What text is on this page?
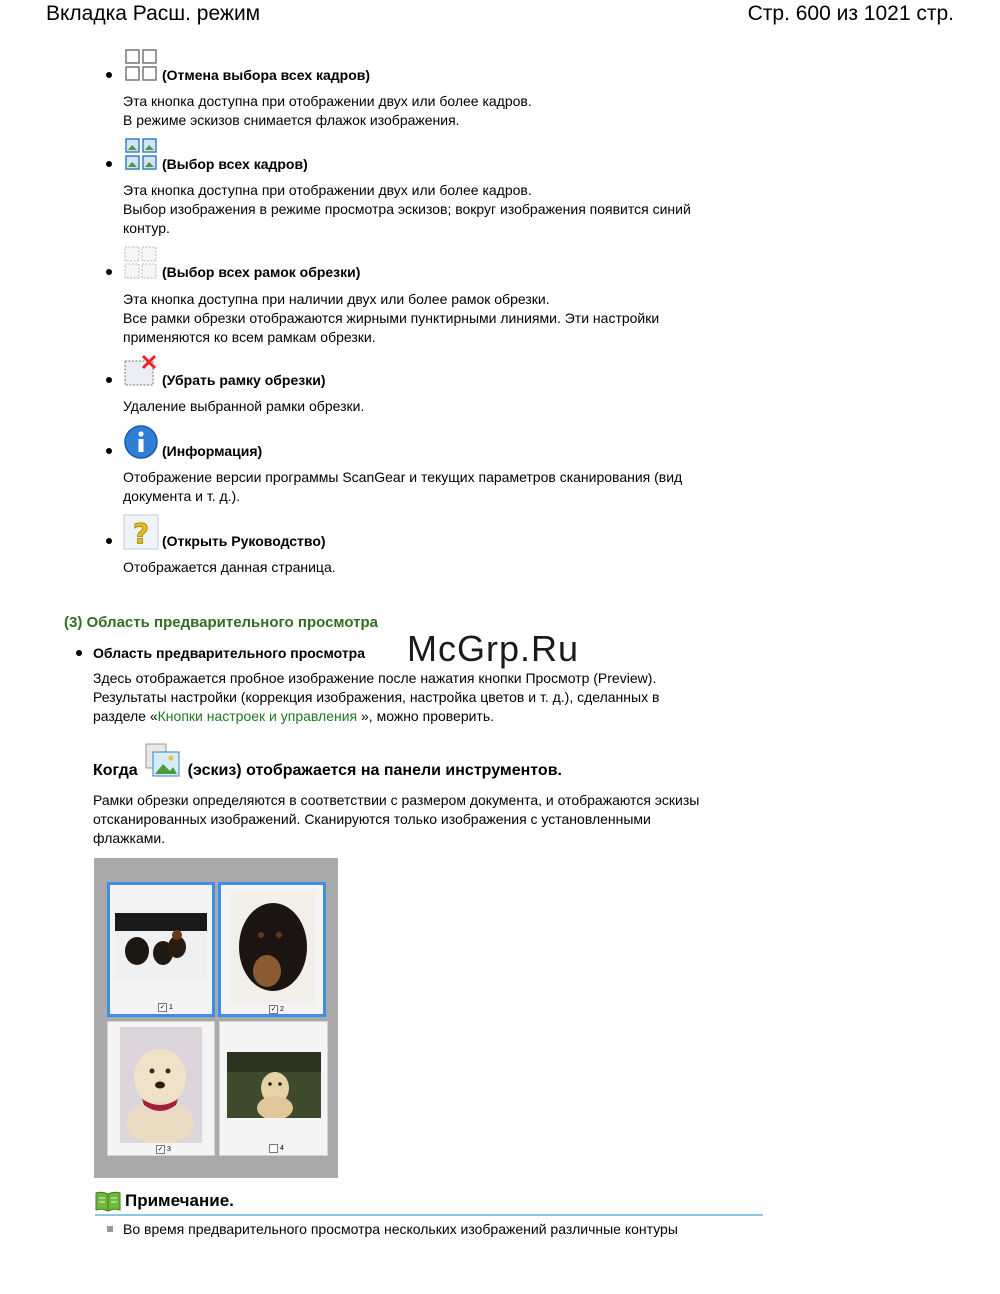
Вкладка Расш. режим	Стр. 600 из 1021 стр.
(Отмена выбора всех кадров)
Эта кнопка доступна при отображении двух или более кадров.
В режиме эскизов снимается флажок изображения.
(Выбор всех кадров)
Эта кнопка доступна при отображении двух или более кадров.
Выбор изображения в режиме просмотра эскизов; вокруг изображения появится синий
контур.
(Выбор всех рамок обрезки)
Эта кнопка доступна при наличии двух или более рамок обрезки.
Все рамки обрезки отображаются жирными пунктирными линиями. Эти настройки
применяются ко всем рамкам обрезки.
(Убрать рамку обрезки)
Удаление выбранной рамки обрезки.
(Информация)
Отображение версии программы ScanGear и текущих параметров сканирования (вид
документа и т. д.).
? (Открыть Руководство)
Отображается данная страница.
(3) Область предварительного просмотра
Область предварительного просмотра McGrp.Ru
Здесь отображается пробное изображение после нажатия кнопки Просмотр (Preview).
Результаты настройки (коррекция изображения, настройка цветов и т. д.), сделанных в
разделе «Кнопки настроек и управления », можно проверить.
Когда	(эскиз) отображается на панели инструментов.
Рамки обрезки определяются в соответствии с размером документа, и отображаются эскизы
отсканированных изображений. Сканируются только изображения с установленными
флажками.
✓ 1	✓ 2
✓ 3	4
Примечание.
Во время предварительного просмотра нескольких изображений различные контуры
